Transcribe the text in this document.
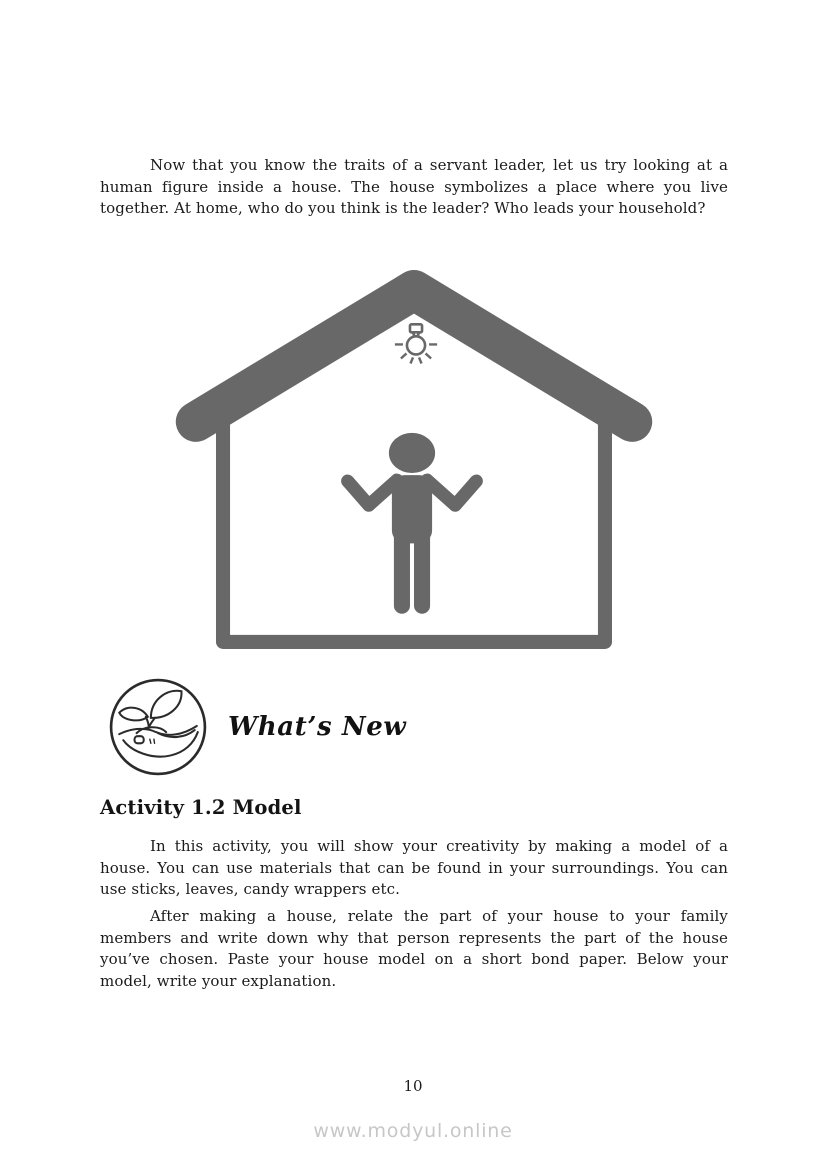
Now that you know the traits of a servant leader, let us try looking at a human figure inside a house. The house symbolizes a place where you live together. At home, who do you think is the leader? Who leads your household?

What’s New
Activity 1.2 Model

In this activity, you will show your creativity by making a model of a house. You can use materials that can be found in your surroundings. You can use sticks, leaves, candy wrappers etc.

After making a house, relate the part of your house to your family members and write down why that person represents the part of the house you’ve chosen. Paste your house model on a short bond paper. Below your model, write your explanation.

10
www.modyul.online
